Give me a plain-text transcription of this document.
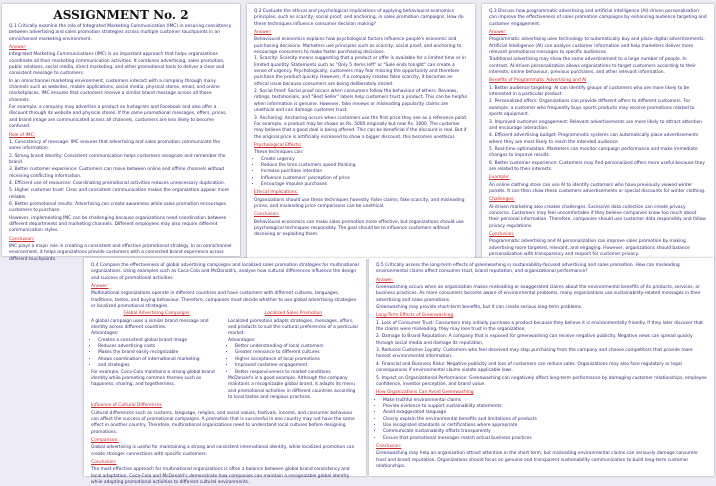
ASSIGNMENT No. 2
Q.1 Critically examine the role of Integrated Marketing Communication (IMC) in ensuring consistency between advertising and sales promotion strategies across multiple customer touchpoints in an omnichannel marketing environment.
Answer:

Integrated Marketing Communications (IMC) is an important approach that helps organizations coordinate all their marketing communication activities. It combines advertising, sales promotion, public relations, social media, direct marketing, and other promotional tools to deliver a clear and consistent message to customers.

In an omnichannel marketing environment, customers interact with a company through many channels such as websites, mobile applications, social media, physical stores, email, and online marketplaces. IMC ensures that customers receive a similar brand message across all these channels.

For example, a company may advertise a product on Instagram and Facebook and also offer a discount through its website and physical stores. If the same promotional messages, offers, prices, and brand image are communicated across all channels, customers are less likely to become confused.

Role of IMC:

1. Consistency of message: IMC ensures that advertising and sales promotion communicate the same information.

2. Strong brand identity: Consistent communication helps customers recognize and remember the brand.

3. Better customer experience: Customers can move between online and offline channels without receiving conflicting information.

4. Efficient use of resources: Coordinating promotional activities reduces unnecessary duplication.

5. Higher customer trust: Clear and consistent communication makes the organization appear more reliable.

6. Better promotional results: Advertising can create awareness while sales promotion encourages customers to purchase.

However, implementing IMC can be challenging because organizations need coordination between different departments and marketing channels. Different employees may also require different communication styles.

Conclusion:

IMC plays a major role in creating a consistent and effective promotional strategy. In an omnichannel environment, it helps organizations provide customers with a connected brand experience across different touchpoints.

Q.2 Evaluate the ethical and psychological implications of applying behavioural economics principles, such as scarcity, social proof, and anchoring, in sales promotion campaigns. How do these techniques influence consumer decision making?
Answer:

Behavioural economics explains how psychological factors influence people's economic and purchasing decisions. Marketers use principles such as scarcity, social proof, and anchoring to encourage consumers to make faster purchasing decisions.

1. Scarcity: Scarcity means suggesting that a product or offer is available for a limited time or in limited quantity. Statements such as "Only 5 items left" or "Sale ends tonight" can create a sense of urgency. Psychologically, customers may fear missing the opportunity and therefore purchase the product quickly. However, if a company creates false scarcity, it becomes an ethical issue because consumers are being deliberately misled.

2. Social Proof: Social proof occurs when consumers follow the behaviour of others. Reviews, ratings, testimonials, and "Best Seller" labels help customers trust a product. This can be helpful when information is genuine. However, fake reviews or misleading popularity claims are unethical and can damage customer trust.

3. Anchoring: Anchoring occurs when customers use the first price they see as a reference point. For example, a product may be shown as Rs. 5000 originally but now Rs. 3000. The customer may believe that a good deal is being offered. This can be beneficial if the discount is real. But if the original price is artificially increased to show a bigger discount, this becomes unethical.

Psychological Effects:

These techniques can:

• Create urgency
• Reduce the time customers spend thinking
• Increase purchase intention
• Influence customers' perception of price
• Encourage impulse purchases
Ethical Implications:

Organizations should use these techniques honestly. False claims, fake scarcity, and misleading prices, and misleading price comparisons can be unethical.

Conclusion:

Behavioural economics can make sales promotion more effective, but organizations should use psychological techniques responsibly. The goal should be to influence customers without deceiving or exploiting them.

Q.3 Discuss how programmatic advertising and artificial intelligence (AI)-driven personalization can improve the effectiveness of sales promotion campaigns by enhancing audience targeting and customer engagement.
Answer:

Programmatic advertising uses technology to automatically buy and place digital advertisements. Artificial Intelligence (AI) can analyse customer information and help marketers deliver more relevant promotional messages to specific audiences.

Traditional advertising may show the same advertisement to a large number of people. In contrast, AI-driven personalization allows organizations to target customers according to their interests, online behaviour, previous purchases, and other relevant information.

Benefits of Programmatic Advertising and AI

1. Better audience targeting: AI can identify groups of customers who are more likely to be interested in a particular product.

2. Personalized offers: Organizations can provide different offers to different customers. For example, a customer who frequently buys sports products may receive promotions related to sports equipment.

3. Improved customer engagement: Relevant advertisements are more likely to attract attention and encourage interaction.

4. Efficient advertising budget: Programmatic systems can automatically place advertisements where they are most likely to reach the intended audience.

5. Real-time optimization: Marketers can monitor campaign performance and make immediate changes to improve results.

6. Better customer experience: Customers may find personalized offers more useful because they are related to their interests.

Example:

An online clothing store can use AI to identify customers who have previously viewed winter jackets. It can then show these customers advertisements or special discounts for winter clothing.

Challenges:

AI-driven marketing also creates challenges. Excessive data collection can create privacy concerns. Customers may feel uncomfortable if they believe companies know too much about their personal information. Therefore, companies should use customer data responsibly and follow privacy regulations.

Conclusion:

Programmatic advertising and AI personalization can improve sales promotion by making advertising more targeted, relevant, and engaging. However, organizations should balance personalization with transparency and respect for customer privacy.

Q.4 Compare the effectiveness of global advertising campaigns and localized sales promotion strategies for multinational organizations. Using examples such as Coca-Cola and McDonald's, analyse how cultural differences influence the design and success of promotional activities.
Answer:

Multinational organizations operate in different countries and have customers with different cultures, languages, traditions, tastes, and buying behaviour. Therefore, companies must decide whether to use global advertising strategies or localized promotional strategies.

Global Advertising Campaigns

A global campaign uses a similar brand message and identity across different countries.

Advantages:
• Creates a consistent global brand image
• Reduces advertising costs
• Makes the brand easily recognizable
• Allows coordination of international marketing
• and strategies

For example, Coca-Cola maintains a strong global brand identity while promoting common themes such as happiness, sharing, and togetherness.

Localized Sales Promotion

Localized promotion adapts strategies, messages, offers, and products to suit the cultural preferences of a particular market.

Advantages:
• Better understanding of local customers
• Greater relevance to different cultures
• Higher acceptance of local promotions
• Improved customer engagement
• Better responsiveness to market conditions

McDonald's is a good example. Although the company maintains a recognizable global brand, it adapts its menu and promotional activities in different countries according to local tastes and religious practices.

Influence of Cultural Differences

Cultural differences such as customs, language, religion, and social values, festivals, income, and consumer behaviour can affect the success of promotional campaigns. A promotion that is successful in one country may not have the same effect in another country. Therefore, multinational organizations need to understand local cultures before designing promotions.

Comparison:

Global advertising is useful for maintaining a strong and consistent international identity, while localized promotion can create stronger connections with specific customers.

Conclusion:

The most effective approach for multinational organizations is often a balance between global brand consistency and local adaptation. Coca-Cola and McDonald's demonstrate how companies can maintain a recognizable global identity while adapting promotional activities to different cultural environments.

Q.5 Critically assess the long-term effects of greenwashing in sustainability-focused advertising and sales promotion. How can misleading environmental claims affect consumer trust, brand reputation, and organizational performance?
Answer:

Greenwashing occurs when an organization makes misleading or exaggerated claims about the environmental benefits of its products, services, or business practices. As more consumers become aware of environmental problems, many organizations use sustainability-related messages in their advertising and sales promotions.

Greenwashing may provide short-term benefits, but it can create serious long-term problems.

Long-Term Effects of Greenwashing

1. Loss of Consumer Trust: Consumers may initially purchase a product because they believe it is environmentally friendly. If they later discover that the claims were misleading, they may lose trust in the organization.

2. Damage to Brand Reputation: A company that is exposed for greenwashing can receive negative publicity. Negative news can spread quickly through social media and damage its reputation.

3. Reduced Customer Loyalty: Customers who feel deceived may stop purchasing from the company and choose competitors that provide more honest environmental information.

4. Financial and Business Risks: Negative publicity and loss of customers can reduce sales. Organizations may also face regulatory or legal consequences if environmental claims violate applicable laws.

5. Impact on Organizational Performance: Greenwashing can negatively affect long-term performance by damaging customer relationships, employee confidence, investor perception, and brand value.

How Organizations Can Avoid Greenwashing
• Make truthful environmental claims
• Provide evidence to support sustainability statements
• Avoid exaggerated language
• Clearly explain the environmental benefits and limitations of products
• Use recognized standards or certifications where appropriate
• Communicate sustainability efforts transparently
• Ensure that promotional messages match actual business practices
Conclusion:

Greenwashing may help an organization attract attention in the short term, but misleading environmental claims can seriously damage consumer trust and brand reputation. Organizations should focus on genuine and transparent sustainability communication to build long-term customer relationships.
